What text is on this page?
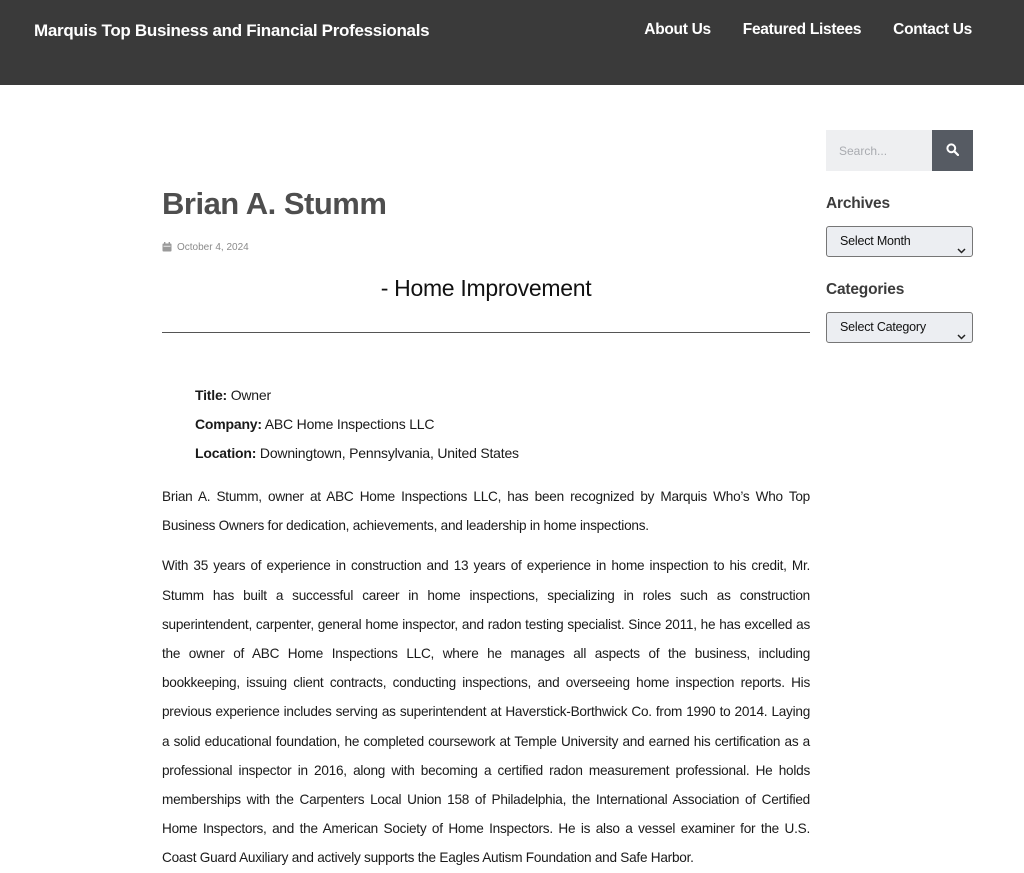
Marquis Top Business and Financial Professionals	About Us Featured Listees Contact Us
Brian A. Stumm
October 4, 2024
- Home Improvement
Title: Owner
Company: ABC Home Inspections LLC
Location: Downingtown, Pennsylvania, United States

Brian A. Stumm, owner at ABC Home Inspections LLC, has been recognized by Marquis Who’s Who Top Business Owners for dedication, achievements, and leadership in home inspections.

With 35 years of experience in construction and 13 years of experience in home inspection to his credit, Mr. Stumm has built a successful career in home inspections, specializing in roles such as construction superintendent, carpenter, general home inspector, and radon testing specialist. Since 2011, he has excelled as the owner of ABC Home Inspections LLC, where he manages all aspects of the business, including bookkeeping, issuing client contracts, conducting inspections, and overseeing home inspection reports. His previous experience includes serving as superintendent at Haverstick-Borthwick Co. from 1990 to 2014. Laying a solid educational foundation, he completed coursework at Temple University and earned his certification as a professional inspector in 2016, along with becoming a certified radon measurement professional. He holds memberships with the Carpenters Local Union 158 of Philadelphia, the International Association of Certified Home Inspectors, and the American Society of Home Inspectors. He is also a vessel examiner for the U.S. Coast Guard Auxiliary and actively supports the Eagles Autism Foundation and Safe Harbor.

Search...
Archives
Select Month
Categories
Select Category
